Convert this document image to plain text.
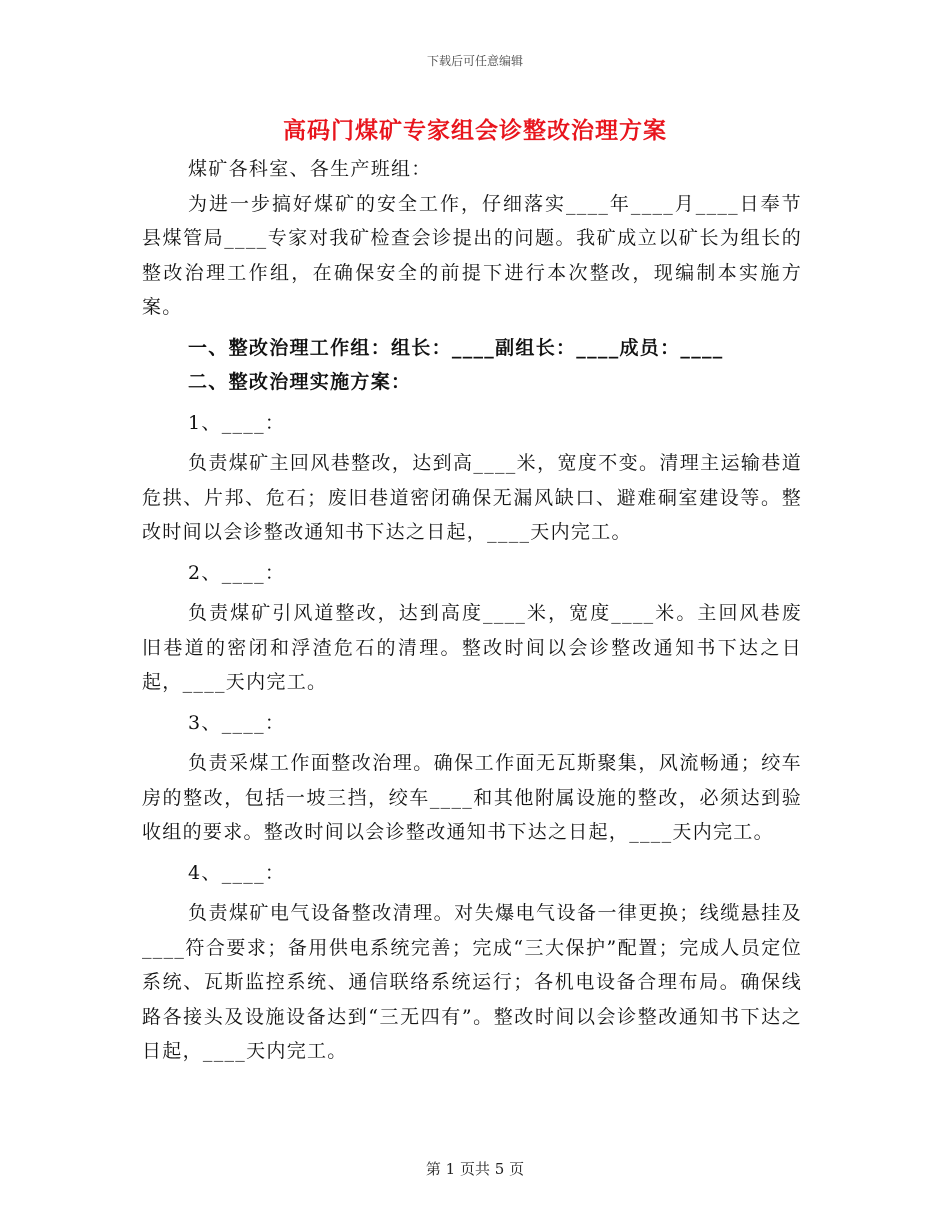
下载后可任意编辑
高码门煤矿专家组会诊整改治理方案

煤矿各科室、各生产班组：

为进一步搞好煤矿的安全工作，仔细落实____年____月____日奉节县煤管局____专家对我矿检查会诊提出的问题。我矿成立以矿长为组长的整改治理工作组，在确保安全的前提下进行本次整改，现编制本实施方案。

一、整改治理工作组：组长：____副组长：____成员：____

二、整改治理实施方案：

1、____：

负责煤矿主回风巷整改，达到高____米，宽度不变。清理主运输巷道危拱、片邦、危石；废旧巷道密闭确保无漏风缺口、避难硐室建设等。整改时间以会诊整改通知书下达之日起，____天内完工。

2、____：

负责煤矿引风道整改，达到高度____米，宽度____米。主回风巷废旧巷道的密闭和浮渣危石的清理。整改时间以会诊整改通知书下达之日起，____天内完工。

3、____：

负责采煤工作面整改治理。确保工作面无瓦斯聚集，风流畅通；绞车房的整改，包括一坡三挡，绞车____和其他附属设施的整改，必须达到验收组的要求。整改时间以会诊整改通知书下达之日起，____天内完工。

4、____：

负责煤矿电气设备整改清理。对失爆电气设备一律更换；线缆悬挂及____符合要求；备用供电系统完善；完成“三大保护”配置；完成人员定位系统、瓦斯监控系统、通信联络系统运行；各机电设备合理布局。确保线路各接头及设施设备达到“三无四有”。整改时间以会诊整改通知书下达之日起，____天内完工。

第 1 页共 5 页
